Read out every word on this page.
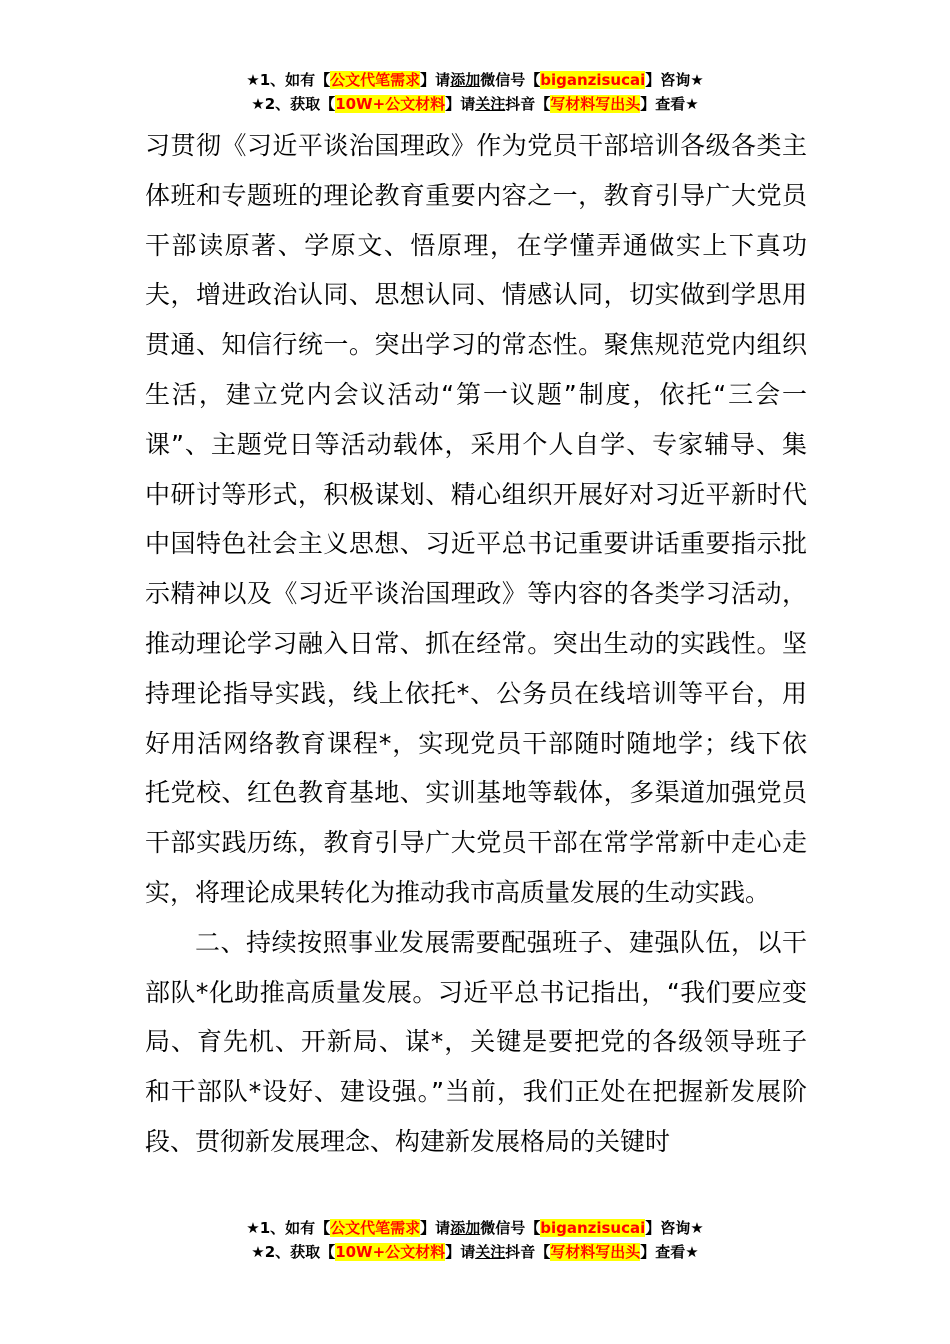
★1、如有【公文代笔需求】请添加微信号【biganzisucai】咨询★
★2、获取【10W+公文材料】请关注抖音【写材料写出头】查看★

习贯彻《习近平谈治国理政》作为党员干部培训各级各类主体班和专题班的理论教育重要内容之一，教育引导广大党员干部读原著、学原文、悟原理，在学懂弄通做实上下真功夫，增进政治认同、思想认同、情感认同，切实做到学思用贯通、知信行统一。突出学习的常态性。聚焦规范党内组织生活，建立党内会议活动“第一议题”制度，依托“三会一课”、主题党日等活动载体，采用个人自学、专家辅导、集中研讨等形式，积极谋划、精心组织开展好对习近平新时代中国特色社会主义思想、习近平总书记重要讲话重要指示批示精神以及《习近平谈治国理政》等内容的各类学习活动，推动理论学习融入日常、抓在经常。突出生动的实践性。坚持理论指导实践，线上依托*、公务员在线培训等平台，用好用活网络教育课程*，实现党员干部随时随地学；线下依托党校、红色教育基地、实训基地等载体，多渠道加强党员干部实践历练，教育引导广大党员干部在常学常新中走心走实，将理论成果转化为推动我市高质量发展的生动实践。

二、持续按照事业发展需要配强班子、建强队伍，以干部队*化助推高质量发展。习近平总书记指出，“我们要应变局、育先机、开新局、谋*，关键是要把党的各级领导班子和干部队*设好、建设强。”当前，我们正处在把握新发展阶段、贯彻新发展理念、构建新发展格局的关键时

★1、如有【公文代笔需求】请添加微信号【biganzisucai】咨询★
★2、获取【10W+公文材料】请关注抖音【写材料写出头】查看★
